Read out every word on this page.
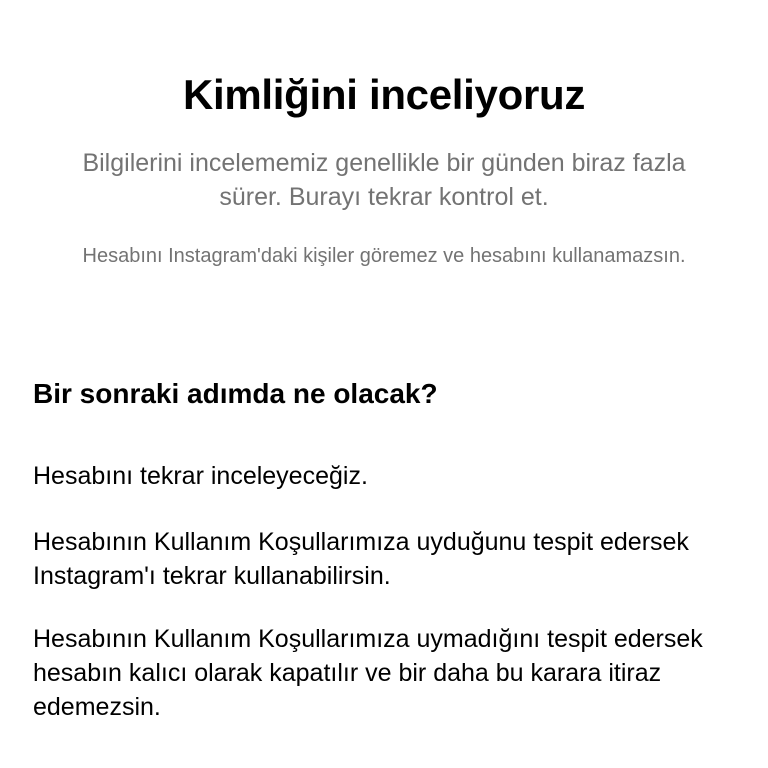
Kimliğini inceliyoruz

Bilgilerini incelememiz genellikle bir günden biraz fazla sürer. Burayı tekrar kontrol et.

Hesabını Instagram'daki kişiler göremez ve hesabını kullanamazsın.

Bir sonraki adımda ne olacak?

Hesabını tekrar inceleyeceğiz.

Hesabının Kullanım Koşullarımıza uyduğunu tespit edersek Instagram'ı tekrar kullanabilirsin.

Hesabının Kullanım Koşullarımıza uymadığını tespit edersek hesabın kalıcı olarak kapatılır ve bir daha bu karara itiraz edemezsin.
